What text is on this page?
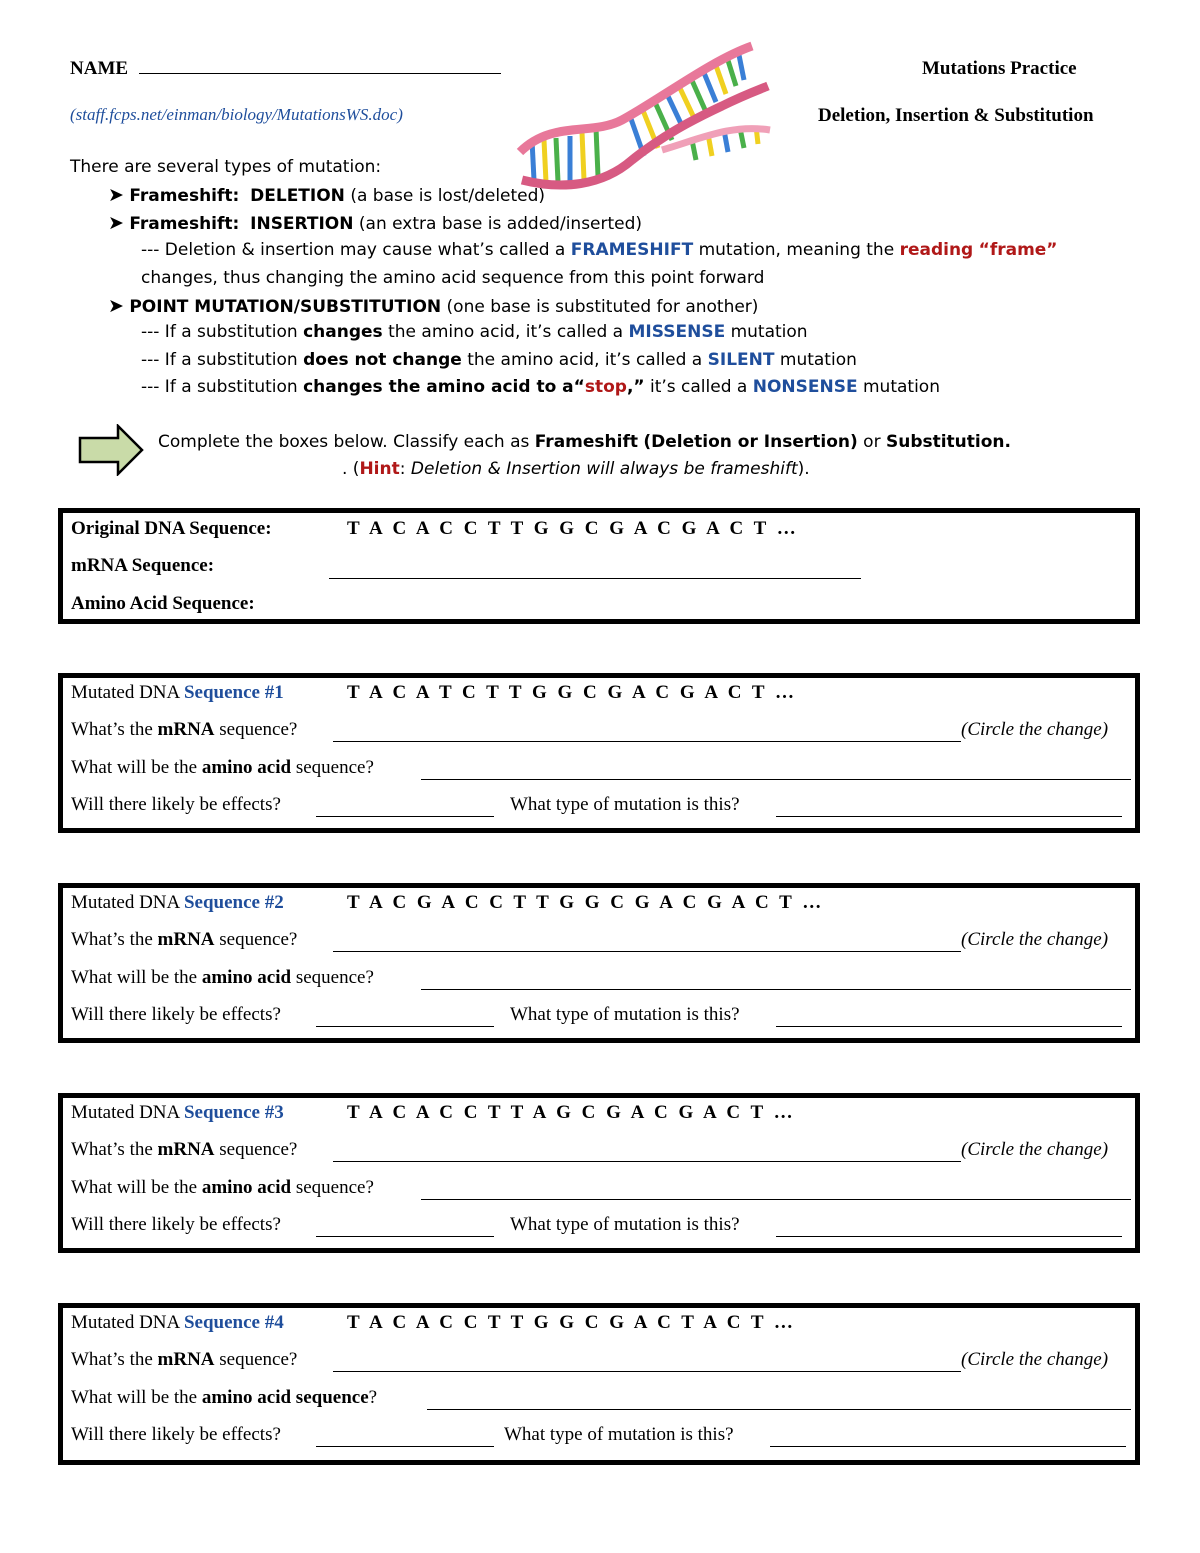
NAME	Mutations Practice
(staff.fcps.net/einman/biology/MutationsWS.doc)	Deletion, Insertion & Substitution
There are several types of mutation:
➤ Frameshift: DELETION (a base is lost/deleted)
➤ Frameshift: INSERTION (an extra base is added/inserted)
--- Deletion & insertion may cause what’s called a FRAMESHIFT mutation, meaning the reading “frame”
changes, thus changing the amino acid sequence from this point forward
➤ POINT MUTATION/SUBSTITUTION (one base is substituted for another)
--- If a substitution changes the amino acid, it’s called a MISSENSE mutation
--- If a substitution does not change the amino acid, it’s called a SILENT mutation
--- If a substitution changes the amino acid to a“stop,” it’s called a NONSENSE mutation
Complete the boxes below. Classify each as Frameshift (Deletion or Insertion) or Substitution.
. (Hint: Deletion & Insertion will always be frameshift).
Original DNA Sequence:	T A C A C C T T G G C G A C G A C T …
mRNA Sequence:
Amino Acid Sequence:
Mutated DNA Sequence #1	T A C A T C T T G G C G A C G A C T …
What’s the mRNA sequence?	(Circle the change)
What will be the amino acid sequence?
Will there likely be effects?	What type of mutation is this?
Mutated DNA Sequence #2	T A C G A C C T T G G C G A C G A C T …
What’s the mRNA sequence?	(Circle the change)
What will be the amino acid sequence?
Will there likely be effects?	What type of mutation is this?
Mutated DNA Sequence #3	T A C A C C T T A G C G A C G A C T …
What’s the mRNA sequence?	(Circle the change)
What will be the amino acid sequence?
Will there likely be effects?	What type of mutation is this?
Mutated DNA Sequence #4	T A C A C C T T G G C G A C T A C T …
What’s the mRNA sequence?	(Circle the change)
What will be the amino acid sequence?
Will there likely be effects?	What type of mutation is this?
